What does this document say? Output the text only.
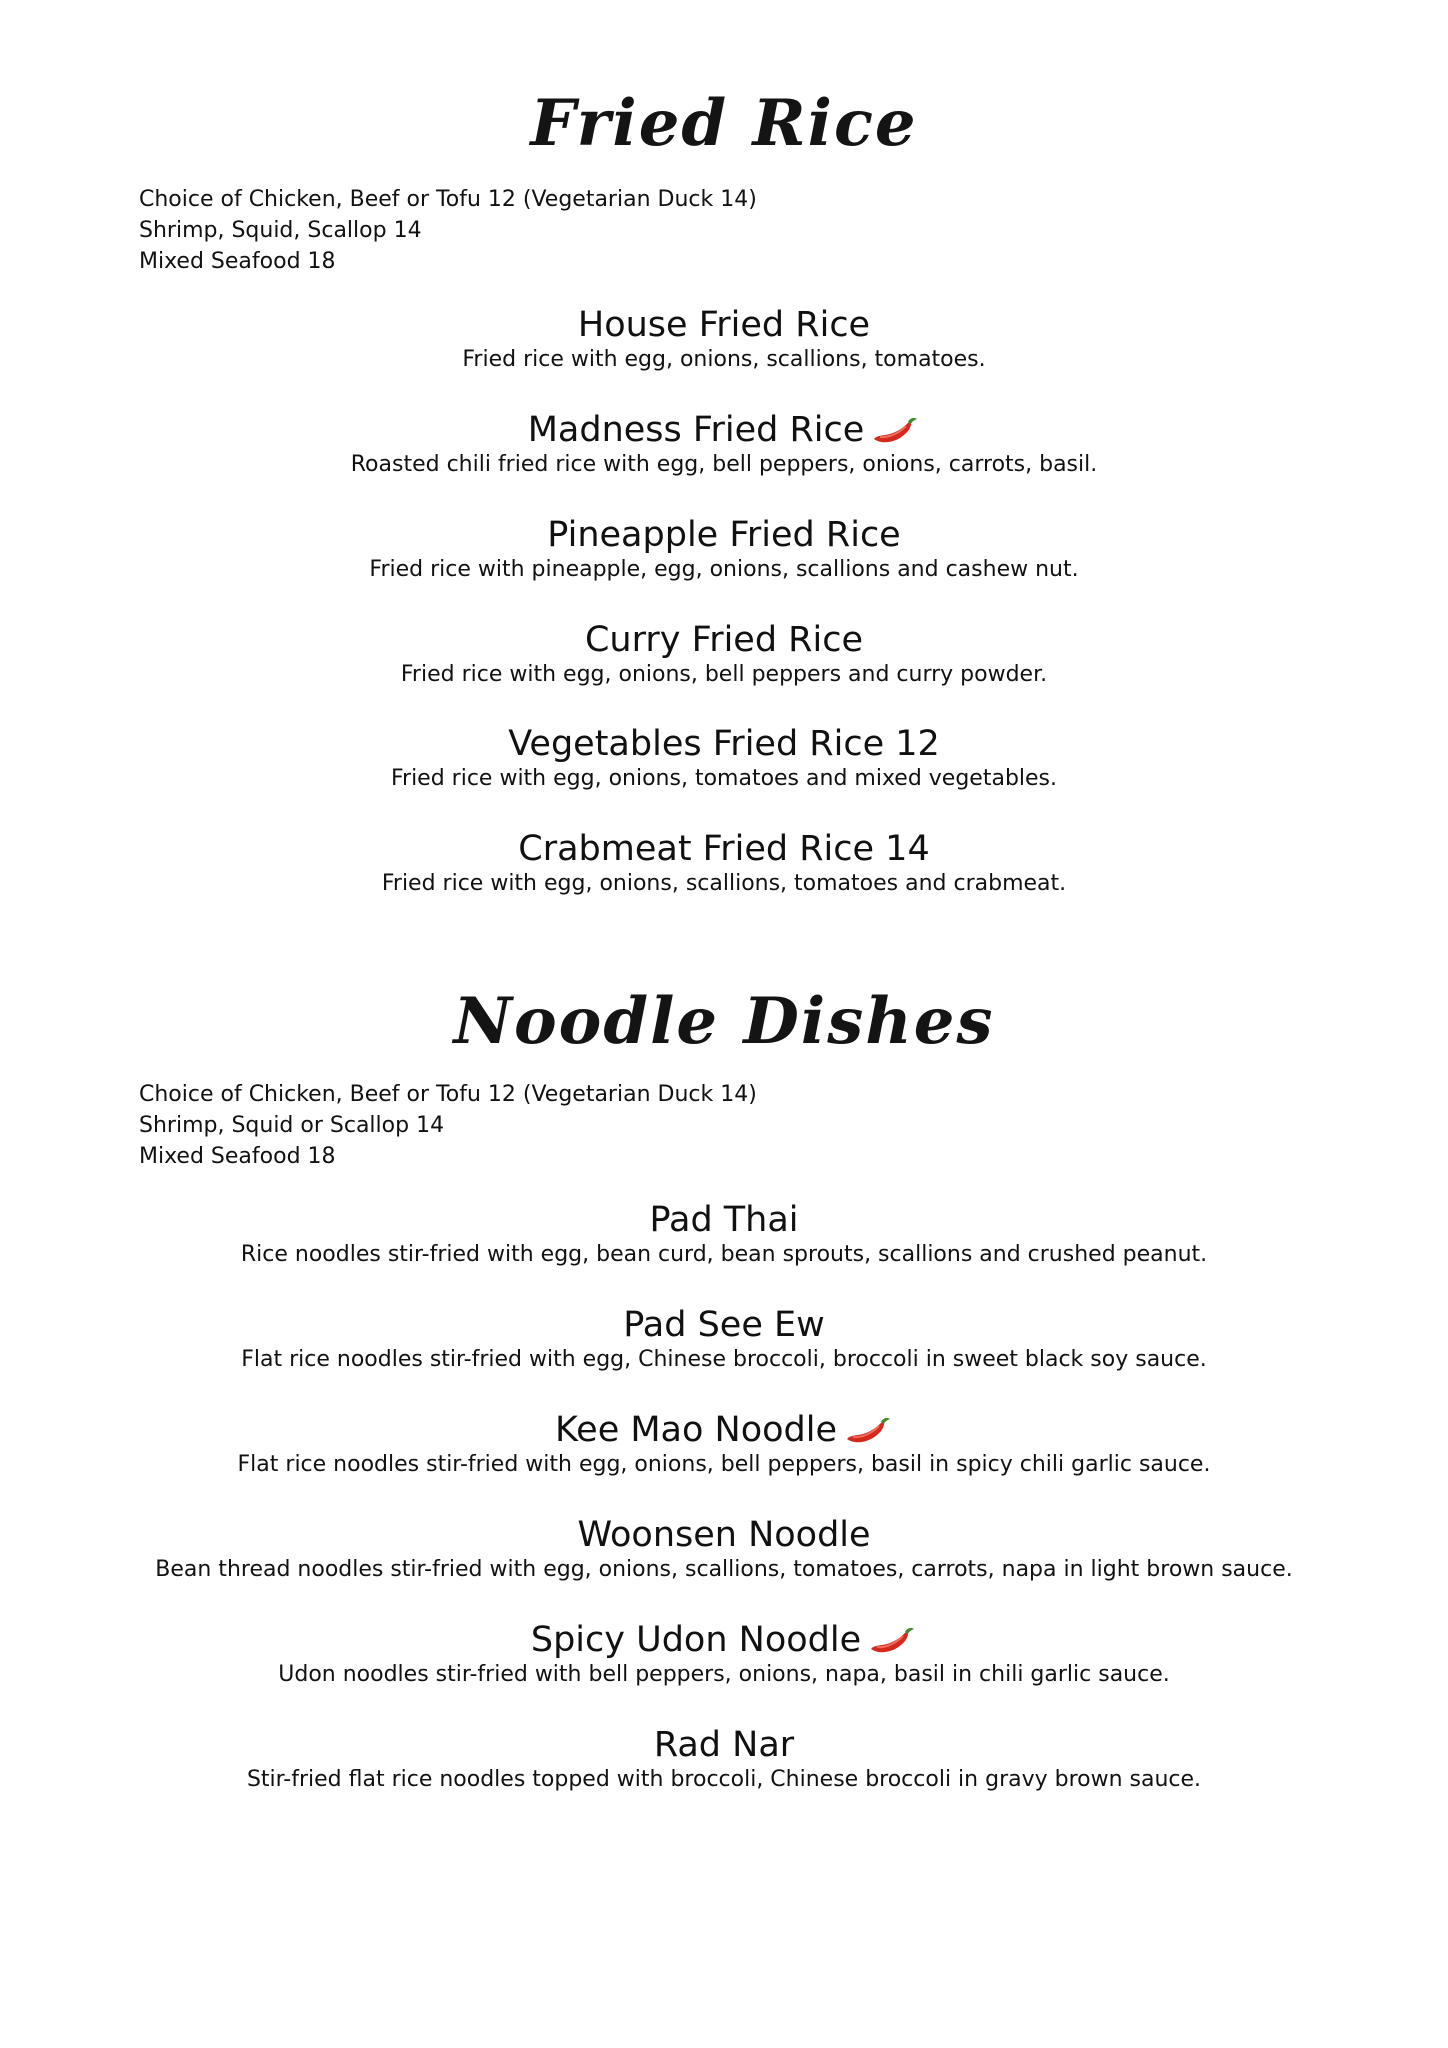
Fried Rice
Choice of Chicken, Beef or Tofu 12 (Vegetarian Duck 14)
Shrimp, Squid, Scallop 14
Mixed Seafood 18
House Fried Rice
Fried rice with egg, onions, scallions, tomatoes.
Madness Fried Rice
Roasted chili fried rice with egg, bell peppers, onions, carrots, basil.
Pineapple Fried Rice
Fried rice with pineapple, egg, onions, scallions and cashew nut.
Curry Fried Rice
Fried rice with egg, onions, bell peppers and curry powder.
Vegetables Fried Rice 12
Fried rice with egg, onions, tomatoes and mixed vegetables.
Crabmeat Fried Rice 14
Fried rice with egg, onions, scallions, tomatoes and crabmeat.
Noodle Dishes
Choice of Chicken, Beef or Tofu 12 (Vegetarian Duck 14)
Shrimp, Squid or Scallop 14
Mixed Seafood 18
Pad Thai
Rice noodles stir-fried with egg, bean curd, bean sprouts, scallions and crushed peanut.
Pad See Ew
Flat rice noodles stir-fried with egg, Chinese broccoli, broccoli in sweet black soy sauce.
Kee Mao Noodle
Flat rice noodles stir-fried with egg, onions, bell peppers, basil in spicy chili garlic sauce.
Woonsen Noodle
Bean thread noodles stir-fried with egg, onions, scallions, tomatoes, carrots, napa in light brown sauce.
Spicy Udon Noodle
Udon noodles stir-fried with bell peppers, onions, napa, basil in chili garlic sauce.
Rad Nar
Stir-fried flat rice noodles topped with broccoli, Chinese broccoli in gravy brown sauce.
